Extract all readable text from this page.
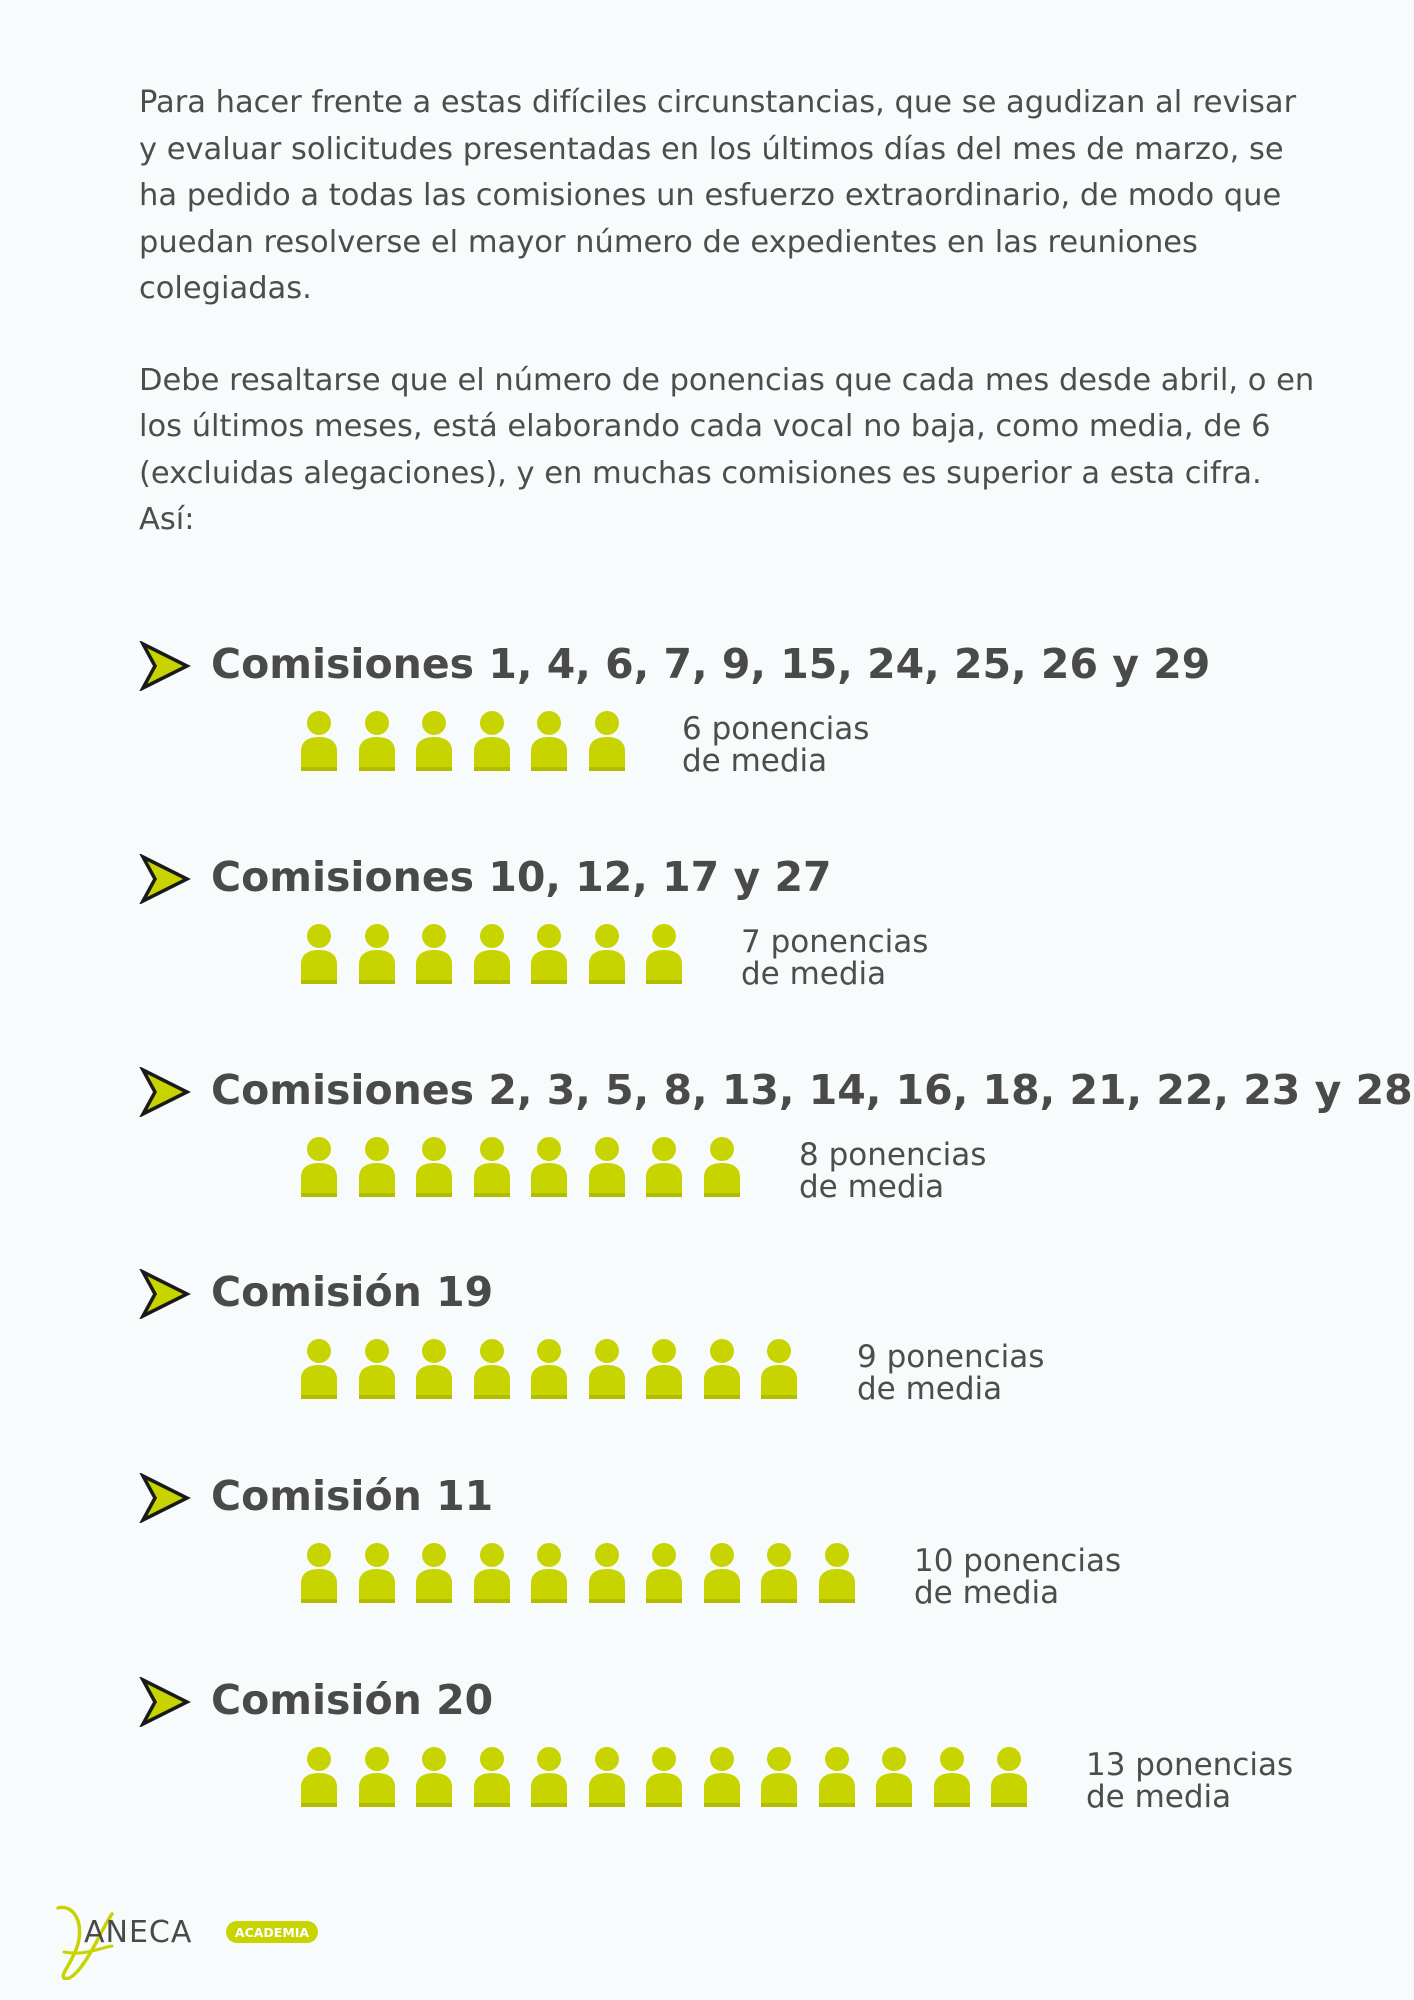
Para hacer frente a estas difíciles circunstancias, que se agudizan al revisar y evaluar solicitudes presentadas en los últimos días del mes de marzo, se ha pedido a todas las comisiones un esfuerzo extraordinario, de modo que puedan resolverse el mayor número de expedientes en las reuniones colegiadas.

Debe resaltarse que el número de ponencias que cada mes desde abril, o en los últimos meses, está elaborando cada vocal no baja, como media, de 6 (excluidas alegaciones), y en muchas comisiones es superior a esta cifra. Así:

Comisiones 1, 4, 6, 7, 9, 15, 24, 25, 26 y 29
6 ponencias
de media
Comisiones 10, 12, 17 y 27
7 ponencias
de media
Comisiones 2, 3, 5, 8, 13, 14, 16, 18, 21, 22, 23 y 28
8 ponencias
de media
Comisión 19
9 ponencias
de media
Comisión 11
10 ponencias
de media
Comisión 20
13 ponencias
de media
ANECA	ACADEMIA
